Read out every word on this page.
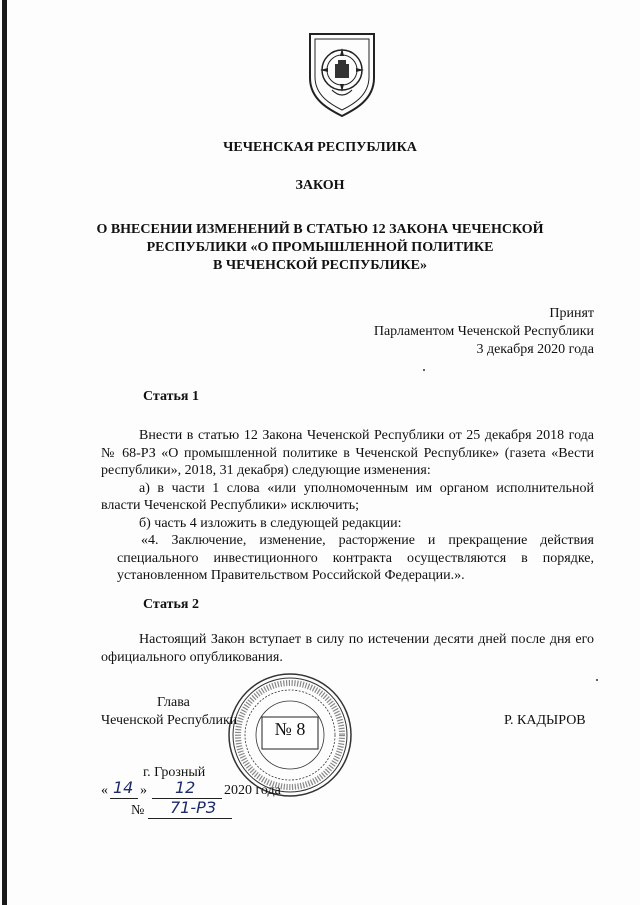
ЧЕЧЕНСКАЯ РЕСПУБЛИКА
ЗАКОН
О ВНЕСЕНИИ ИЗМЕНЕНИЙ В СТАТЬЮ 12 ЗАКОНА ЧЕЧЕНСКОЙ
РЕСПУБЛИКИ «О ПРОМЫШЛЕННОЙ ПОЛИТИКЕ
В ЧЕЧЕНСКОЙ РЕСПУБЛИКЕ»
Принят
Парламентом Чеченской Республики
3 декабря 2020 года
Статья 1

Внести в статью 12 Закона Чеченской Республики от 25 декабря 2018 года № 68-РЗ «О промышленной политике в Чеченской Республике» (газета «Вести республики», 2018, 31 декабря) следующие изменения:

а) в части 1 слова «или уполномоченным им органом исполнительной власти Чеченской Республики» исключить;

б) часть 4 изложить в следующей редакции:

«4. Заключение, изменение, расторжение и прекращение действия специального инвестиционного контракта осуществляются в порядке, установленном Правительством Российской Федерации.».
Статья 2

Настоящий Закон вступает в силу по истечении десяти дней после дня его официального опубликования.

№ 8
Глава
Чеченской Республики	Р. КАДЫРОВ
г. Грозный
« 14 » 12 2020 года
№ 71-РЗ
